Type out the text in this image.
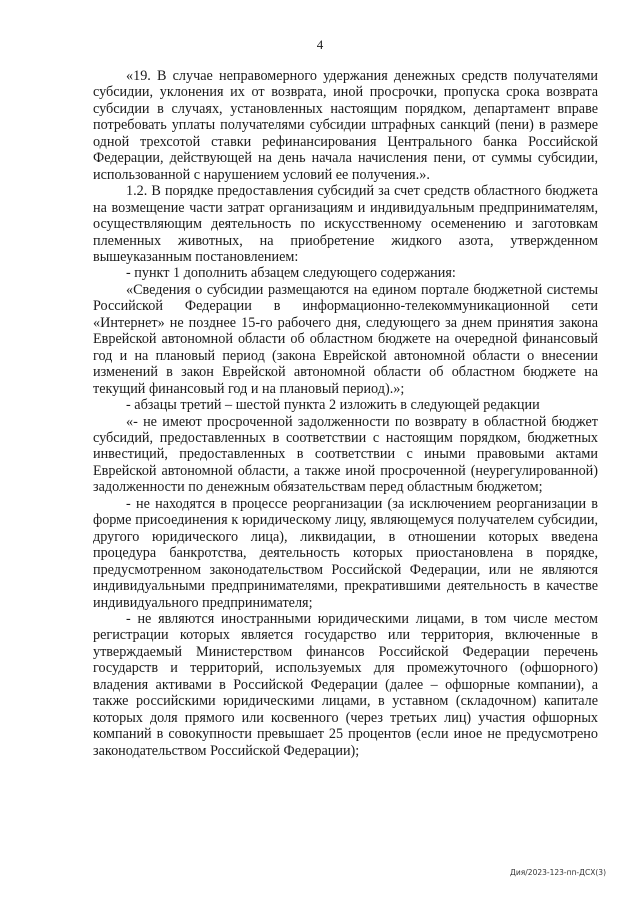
4

«19. В случае неправомерного удержания денежных средств получателями субсидии, уклонения их от возврата, иной просрочки, пропуска срока возврата субсидии в случаях, установленных настоящим порядком, департамент вправе потребовать уплаты получателями субсидии штрафных санкций (пени) в размере одной трехсотой ставки рефинансирования Центрального банка Российской Федерации, действующей на день начала начисления пени, от суммы субсидии, использованной с нарушением условий ее получения.».

1.2. В порядке предоставления субсидий за счет средств областного бюджета на возмещение части затрат организациям и индивидуальным предпринимателям, осуществляющим деятельность по искусственному осеменению и заготовкам племенных животных, на приобретение жидкого азота, утвержденном вышеуказанным постановлением:

- пункт 1 дополнить абзацем следующего содержания:

«Сведения о субсидии размещаются на едином портале бюджетной системы Российской Федерации в информационно-телекоммуникационной сети «Интернет» не позднее 15-го рабочего дня, следующего за днем принятия закона Еврейской автономной области об областном бюджете на очередной финансовый год и на плановый период (закона Еврейской автономной области о внесении изменений в закон Еврейской автономной области об областном бюджете на текущий финансовый год и на плановый период).»;

- абзацы третий – шестой пункта 2 изложить в следующей редакции

«- не имеют просроченной задолженности по возврату в областной бюджет субсидий, предоставленных в соответствии с настоящим порядком, бюджетных инвестиций, предоставленных в соответствии с иными правовыми актами Еврейской автономной области, а также иной просроченной (неурегулированной) задолженности по денежным обязательствам перед областным бюджетом;

- не находятся в процессе реорганизации (за исключением реорганизации в форме присоединения к юридическому лицу, являющемуся получателем субсидии, другого юридического лица), ликвидации, в отношении которых введена процедура банкротства, деятельность которых приостановлена в порядке, предусмотренном законодательством Российской Федерации, или не являются индивидуальными предпринимателями, прекратившими деятельность в качестве индивидуального предпринимателя;

- не являются иностранными юридическими лицами, в том числе местом регистрации которых является государство или территория, включенные в утверждаемый Министерством финансов Российской Федерации перечень государств и территорий, используемых для промежуточного (офшорного) владения активами в Российской Федерации (далее – офшорные компании), а также российскими юридическими лицами, в уставном (складочном) капитале которых доля прямого или косвенного (через третьих лиц) участия офшорных компаний в совокупности превышает 25 процентов (если иное не предусмотрено законодательством Российской Федерации);

Дия/2023-123-пп-ДСХ(3)
